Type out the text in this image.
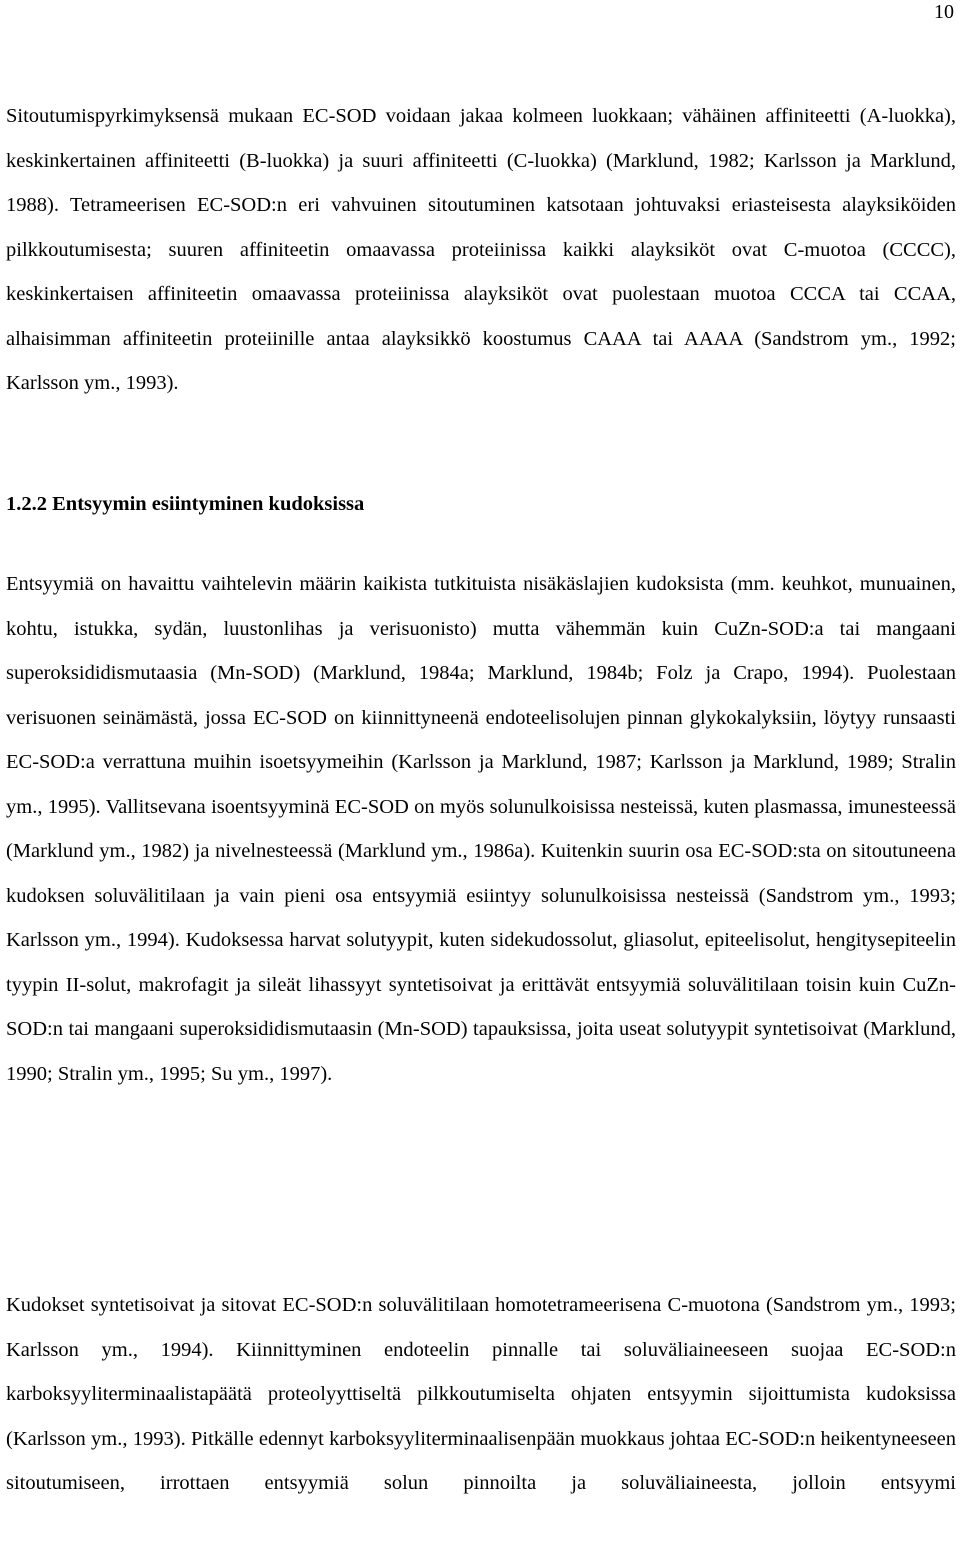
10

Sitoutumispyrkimyksensä mukaan EC-SOD voidaan jakaa kolmeen luokkaan; vähäinen affiniteetti (A-luokka), keskinkertainen affiniteetti (B-luokka) ja suuri affiniteetti (C-luokka) (Marklund, 1982; Karlsson ja Marklund, 1988). Tetrameerisen EC-SOD:n eri vahvuinen sitoutuminen katsotaan johtuvaksi eriasteisesta alayksiköiden pilkkoutumisesta; suuren affiniteetin omaavassa proteiinissa kaikki alayksiköt ovat C-muotoa (CCCC), keskinkertaisen affiniteetin omaavassa proteiinissa alayksiköt ovat puolestaan muotoa CCCA tai CCAA, alhaisimman affiniteetin proteiinille antaa alayksikkö koostumus CAAA tai AAAA (Sandstrom ym., 1992; Karlsson ym., 1993).

1.2.2 Entsyymin esiintyminen kudoksissa

Entsyymiä on havaittu vaihtelevin määrin kaikista tutkituista nisäkäslajien kudoksista (mm. keuhkot, munuainen, kohtu, istukka, sydän, luustonlihas ja verisuonisto) mutta vähemmän kuin CuZn-SOD:a tai mangaani superoksididismutaasia (Mn-SOD) (Marklund, 1984a; Marklund, 1984b; Folz ja Crapo, 1994). Puolestaan verisuonen seinämästä, jossa EC-SOD on kiinnittyneenä endoteelisolujen pinnan glykokalyksiin, löytyy runsaasti EC-SOD:a verrattuna muihin isoetsyymeihin (Karlsson ja Marklund, 1987; Karlsson ja Marklund, 1989; Stralin ym., 1995). Vallitsevana isoentsyyminä EC-SOD on myös solunulkoisissa nesteissä, kuten plasmassa, imunesteessä (Marklund ym., 1982) ja nivelnesteessä (Marklund ym., 1986a). Kuitenkin suurin osa EC-SOD:sta on sitoutuneena kudoksen soluvälitilaan ja vain pieni osa entsyymiä esiintyy solunulkoisissa nesteissä (Sandstrom ym., 1993; Karlsson ym., 1994). Kudoksessa harvat solutyypit, kuten sidekudossolut, gliasolut, epiteelisolut, hengitysepiteelin tyypin II-solut, makrofagit ja sileät lihassyyt syntetisoivat ja erittävät entsyymiä soluvälitilaan toisin kuin CuZn-SOD:n tai mangaani superoksididismutaasin (Mn-SOD) tapauksissa, joita useat solutyypit syntetisoivat (Marklund, 1990; Stralin ym., 1995; Su ym., 1997).

Kudokset syntetisoivat ja sitovat EC-SOD:n soluvälitilaan homotetrameerisena C-muotona (Sandstrom ym., 1993; Karlsson ym., 1994). Kiinnittyminen endoteelin pinnalle tai soluväliaineeseen suojaa EC-SOD:n karboksyyliterminaalistapäätä proteolyyttiseltä pilkkoutumiselta ohjaten entsyymin sijoittumista kudoksissa (Karlsson ym., 1993). Pitkälle edennyt karboksyyliterminaalisenpään muokkaus johtaa EC-SOD:n heikentyneeseen sitoutumiseen, irrottaen entsyymiä solun pinnoilta ja soluväliaineesta, jolloin entsyymi
